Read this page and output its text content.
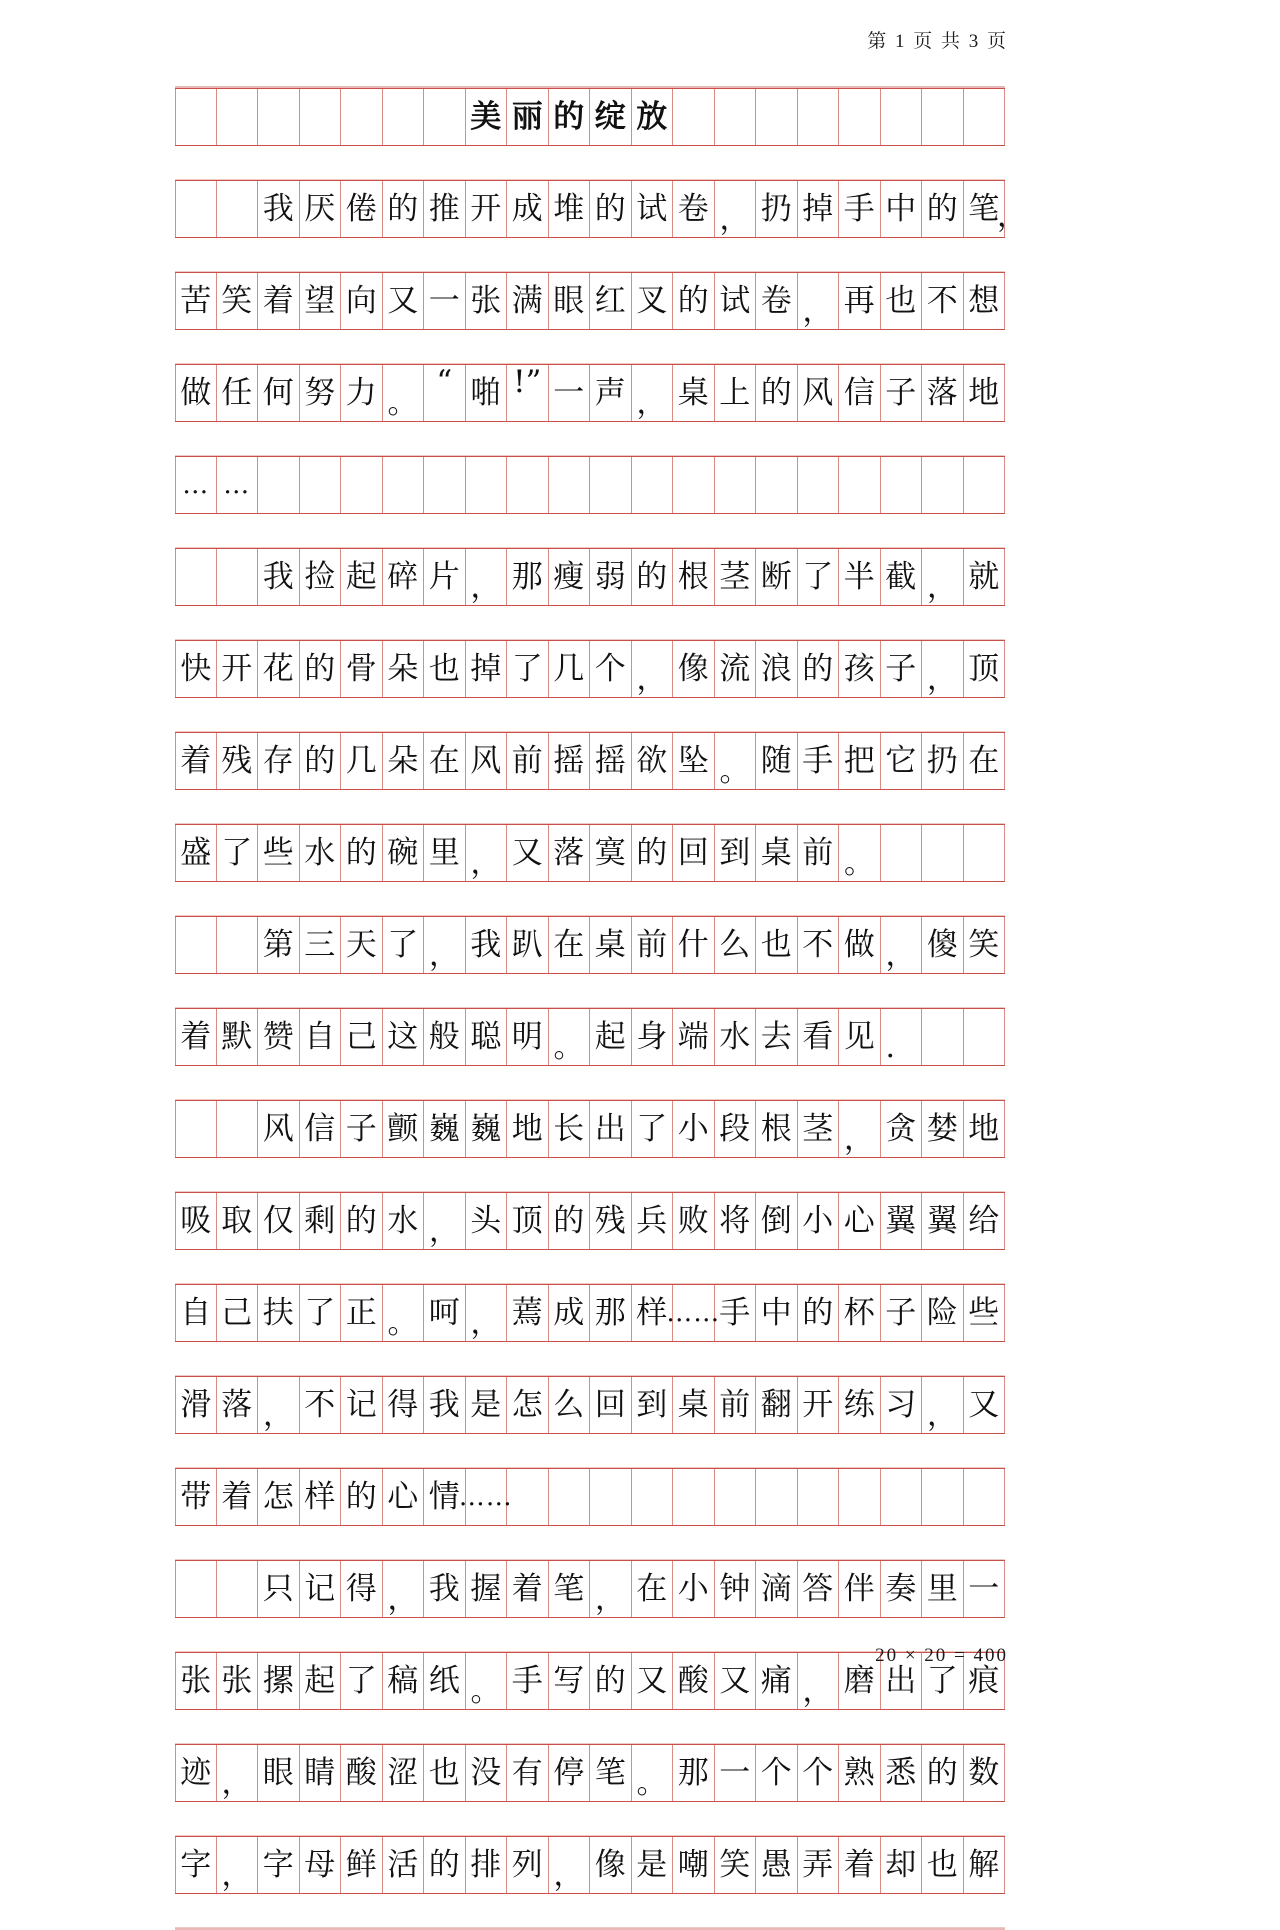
第 1 页 共 3 页
美 丽 的 绽 放
我 厌 倦 的 推 开 成 堆 的 试 卷 ， 扔 掉 手 中 的 笔
，
苦 笑 着 望 向 又 一 张 满 眼 红 叉 的 试 卷 ， 再 也 不 想
做 任 何 努 力 。
“ 啪 !” 一 声 ， 桌 上 的 风 信 子 落 地
… …
我 捡 起 碎 片 ， 那 瘦 弱 的 根 茎 断 了 半 截 ， 就
快 开 花 的 骨 朵 也 掉 了 几 个 ， 像 流 浪 的 孩 子 ， 顶
着 残 存 的 几 朵 在 风 前 摇 摇 欲 坠 。 随 手 把 它 扔 在
盛 了 些 水 的 碗 里 ， 又 落 寞 的 回 到 桌 前 。
第 三 天 了 ， 我 趴 在 桌 前 什 么 也 不 做 ， 傻 笑
着 默 赞 自 己 这 般 聪 明 。 起 身 端 水 去 看 见 .
风 信 子 颤 巍 巍 地 长 出 了 小 段 根 茎 ， 贪 婪 地
吸 取 仅 剩 的 水 ， 头 顶 的 残 兵 败 将 倒 小 心 翼 翼 给
自 己 扶 了 正 。 呵 ， 蔫 成 那 样 …… 手 中 的 杯 子 险 些
滑 落 ， 不 记 得 我 是 怎 么 回 到 桌 前 翻 开 练 习 ， 又
带 着 怎 样 的 心 情 ……
只 记 得 ， 我 握 着 笔 ， 在 小 钟 滴 答 伴 奏 里 一
张 张 摞 起 了 稿 纸 。 手 写 的 又 酸 又 痛 ， 磨 出 了 痕
迹 ， 眼 睛 酸 涩 也 没 有 停 笔 。 那 一 个 个 熟 悉 的 数
字 ， 字 母 鲜 活 的 排 列 ， 像 是 嘲 笑 愚 弄 着 却 也 解
20 × 20 = 400
